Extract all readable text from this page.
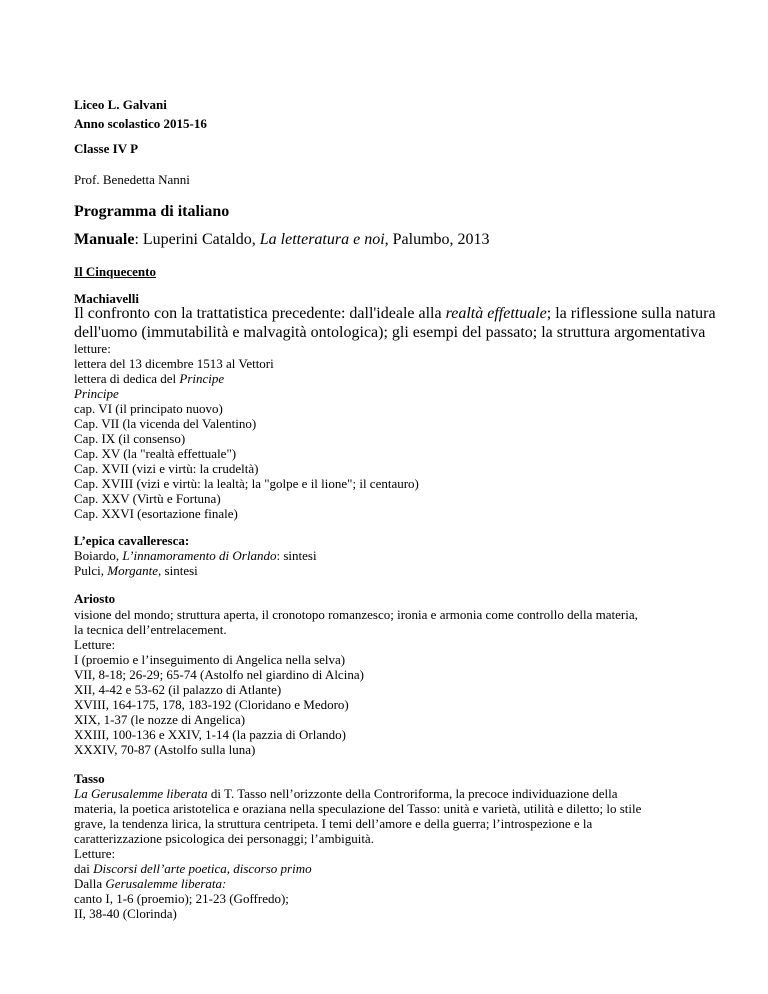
Liceo L. Galvani
Anno scolastico 2015-16
Classe IV P
Prof. Benedetta Nanni
Programma di italiano
Manuale: Luperini Cataldo, La letteratura e noi, Palumbo, 2013
Il Cinquecento
Machiavelli
Il confronto con la trattatistica precedente: dall'ideale alla realtà effettuale; la riflessione sulla natura
dell'uomo (immutabilità e malvagità ontologica); gli esempi del passato; la struttura argomentativa
letture:
lettera del 13 dicembre 1513 al Vettori
lettera di dedica del Principe
Principe
cap. VI (il principato nuovo)
Cap. VII (la vicenda del Valentino)
Cap. IX (il consenso)
Cap. XV (la "realtà effettuale")
Cap. XVII (vizi e virtù: la crudeltà)
Cap. XVIII (vizi e virtù: la lealtà; la "golpe e il lione"; il centauro)
Cap. XXV (Virtù e Fortuna)
Cap. XXVI (esortazione finale)
L’epica cavalleresca:
Boiardo, L’innamoramento di Orlando: sintesi
Pulci, Morgante, sintesi
Ariosto
visione del mondo; struttura aperta, il cronotopo romanzesco; ironia e armonia come controllo della materia,
la tecnica dell’entrelacement.
Letture:
I (proemio e l’inseguimento di Angelica nella selva)
VII, 8-18; 26-29; 65-74 (Astolfo nel giardino di Alcina)
XII, 4-42 e 53-62 (il palazzo di Atlante)
XVIII, 164-175, 178, 183-192 (Cloridano e Medoro)
XIX, 1-37 (le nozze di Angelica)
XXIII, 100-136 e XXIV, 1-14 (la pazzia di Orlando)
XXXIV, 70-87 (Astolfo sulla luna)
Tasso
La Gerusalemme liberata di T. Tasso nell’orizzonte della Controriforma, la precoce individuazione della
materia, la poetica aristotelica e oraziana nella speculazione del Tasso: unità e varietà, utilità e diletto; lo stile
grave, la tendenza lirica, la struttura centripeta. I temi dell’amore e della guerra; l’introspezione e la
caratterizzazione psicologica dei personaggi; l’ambiguità.
Letture:
dai Discorsi dell’arte poetica, discorso primo
Dalla Gerusalemme liberata:
canto I, 1-6 (proemio); 21-23 (Goffredo);
II, 38-40 (Clorinda)
